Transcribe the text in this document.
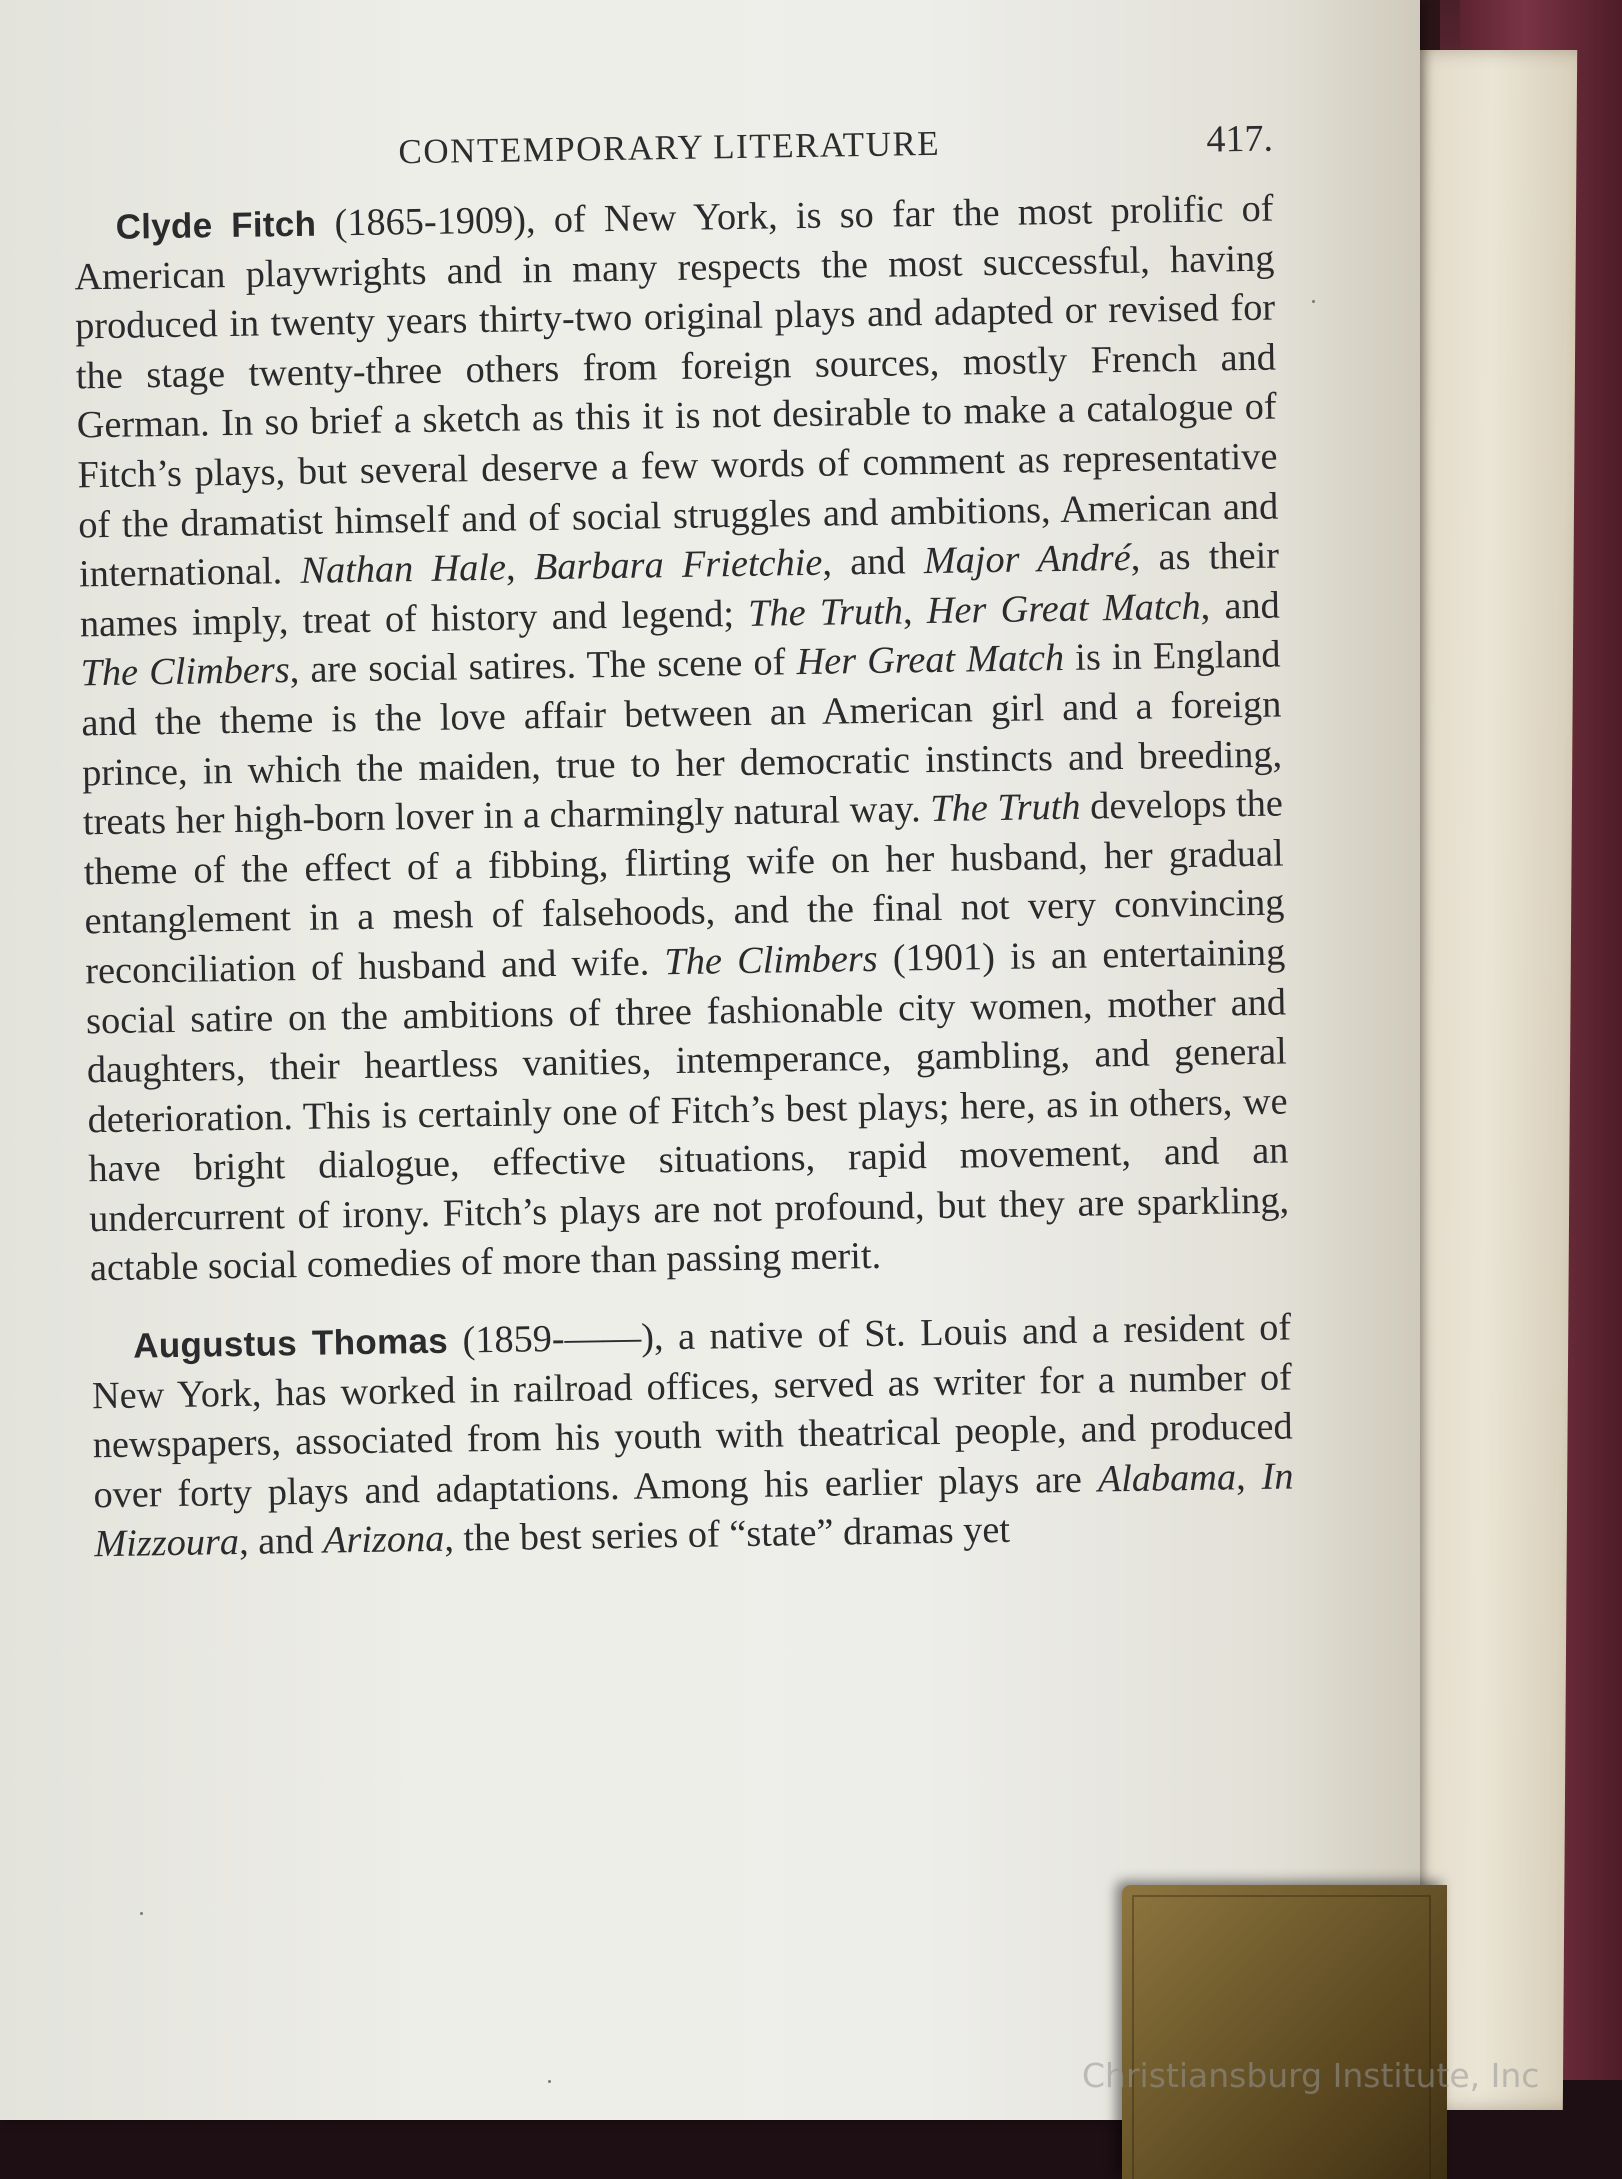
CONTEMPORARY LITERATURE	417.

Clyde Fitch (1865-1909), of New York, is so far the most prolific of American playwrights and in many respects the most successful, having produced in twenty years thirty-two original plays and adapted or revised for the stage twenty-three others from foreign sources, mostly French and German. In so brief a sketch as this it is not desirable to make a catalogue of Fitch’s plays, but several deserve a few words of comment as representative of the dramatist himself and of social struggles and ambitions, American and international. Nathan Hale, Barbara Frietchie, and Major André, as their names imply, treat of history and legend; The Truth, Her Great Match, and The Climbers, are social satires. The scene of Her Great Match is in England and the theme is the love affair between an American girl and a foreign prince, in which the maiden, true to her democratic instincts and breeding, treats her high-born lover in a charmingly natural way. The Truth develops the theme of the effect of a fibbing, flirting wife on her husband, her gradual entanglement in a mesh of falsehoods, and the final not very convincing reconciliation of husband and wife. The Climbers (1901) is an entertaining social satire on the ambitions of three fashionable city women, mother and daughters, their heartless vanities, intemperance, gambling, and general deterioration. This is certainly one of Fitch’s best plays; here, as in others, we have bright dialogue, effective situations, rapid movement, and an undercurrent of irony. Fitch’s plays are not profound, but they are sparkling, actable social comedies of more than passing merit.

Augustus Thomas (1859-——), a native of St. Louis and a resident of New York, has worked in railroad offices, served as writer for a number of newspapers, associated from his youth with theatrical people, and produced over forty plays and adaptations. Among his earlier plays are Alabama, In Mizzoura, and Arizona, the best series of “state” dramas yet

Christiansburg Institute, Inc
